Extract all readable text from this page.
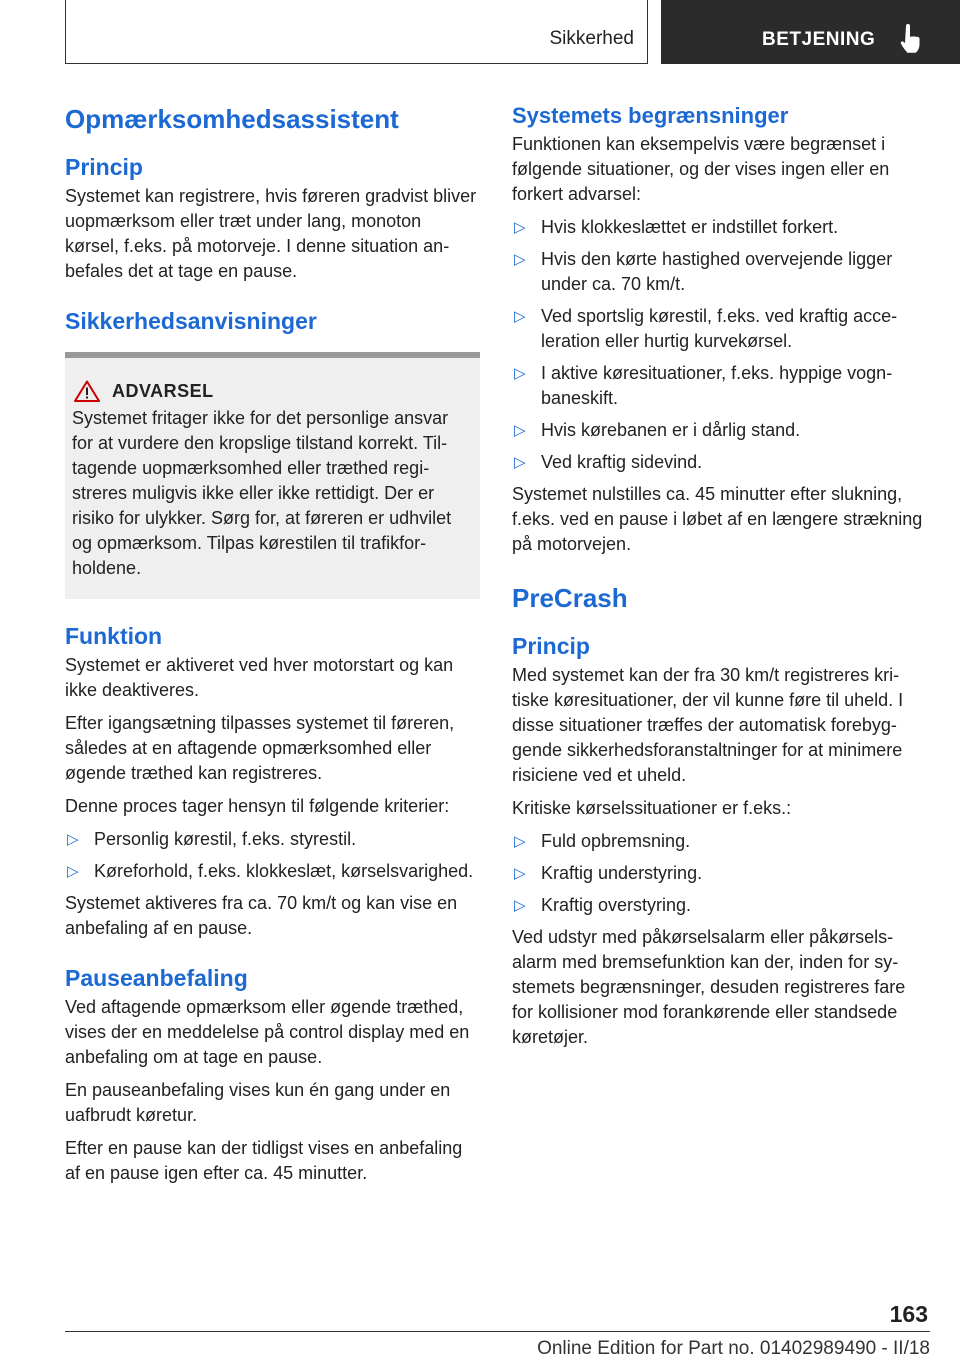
Sikkerhed	BETJENING
Opmærksomhedsassistent
Princip

Systemet kan registrere, hvis føreren gradvist bliver uopmærksom eller træt under lang, monoton kørsel, f.eks. på motorveje. I denne situation anbefales det at tage en pause.

Sikkerhedsanvisninger
ADVARSEL

Systemet fritager ikke for det personlige ansvar for at vurdere den kropslige tilstand korrekt. Tiltagende uopmærksomhed eller træthed registreres muligvis ikke eller ikke rettidigt. Der er risiko for ulykker. Sørg for, at føreren er udhvilet og opmærksom. Tilpas kørestilen til trafikforholdene.

Funktion

Systemet er aktiveret ved hver motorstart og kan ikke deaktiveres.

Efter igangsætning tilpasses systemet til føreren, således at en aftagende opmærksomhed eller øgende træthed kan registreres.

Denne proces tager hensyn til følgende kriterier:

▷ Personlig kørestil, f.eks. styrestil.
▷ Køreforhold, f.eks. klokkeslæt, kørselsvarighed.

Systemet aktiveres fra ca. 70 km/t og kan vise en anbefaling af en pause.

Pauseanbefaling

Ved aftagende opmærksom eller øgende træthed, vises der en meddelelse på control display med en anbefaling om at tage en pause.

En pauseanbefaling vises kun én gang under en uafbrudt køretur.

Efter en pause kan der tidligst vises en anbefaling af en pause igen efter ca. 45 minutter.

Systemets begrænsninger

Funktionen kan eksempelvis være begrænset i følgende situationer, og der vises ingen eller en forkert advarsel:

▷ Hvis klokkeslættet er indstillet forkert.
▷ Hvis den kørte hastighed overvejende ligger under ca. 70 km/t.
▷ Ved sportslig kørestil, f.eks. ved kraftig acceleration eller hurtig kurvekørsel.
▷ I aktive køresituationer, f.eks. hyppige vognbaneskift.
▷ Hvis kørebanen er i dårlig stand.
▷ Ved kraftig sidevind.

Systemet nulstilles ca. 45 minutter efter slukning, f.eks. ved en pause i løbet af en længere strækning på motorvejen.

PreCrash
Princip

Med systemet kan der fra 30 km/t registreres kritiske køresituationer, der vil kunne føre til uheld. I disse situationer træffes der automatisk forebyggende sikkerhedsforanstaltninger for at minimere risiciene ved et uheld.

Kritiske kørselssituationer er f.eks.:

▷ Fuld opbremsning.
▷ Kraftig understyring.
▷ Kraftig overstyring.

Ved udstyr med påkørselsalarm eller påkørselsalarm med bremsefunktion kan der, inden for systemets begrænsninger, desuden registreres fare for kollisioner mod forankørende eller standsede køretøjer.

163
Online Edition for Part no. 01402989490 - II/18
